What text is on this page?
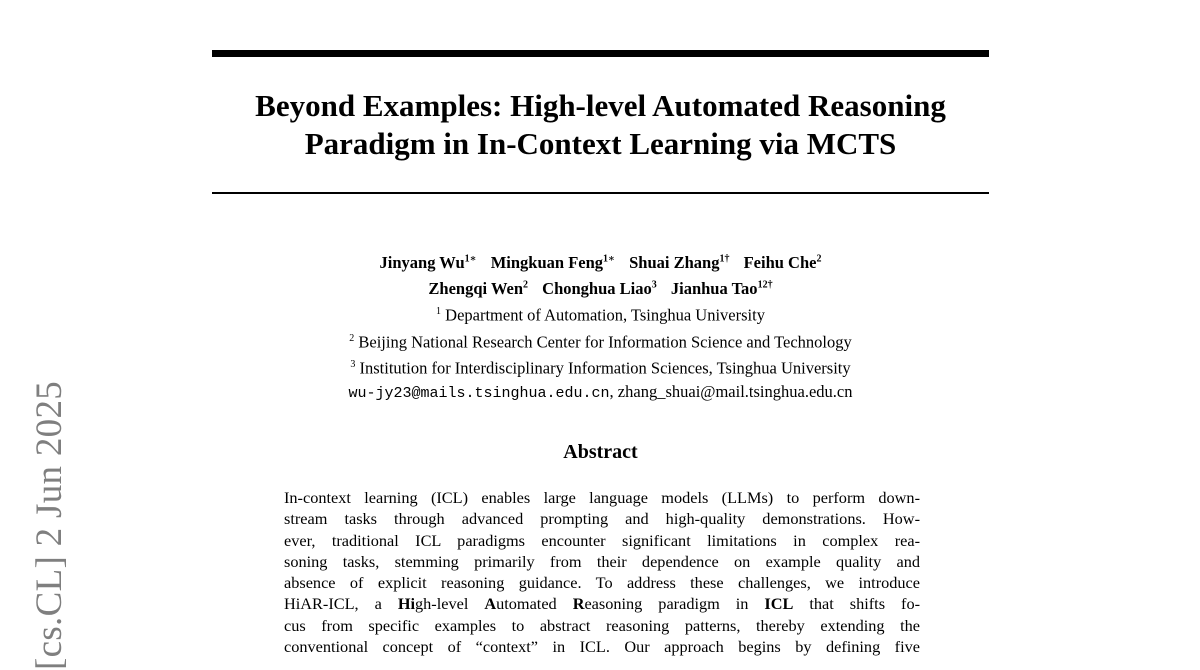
Beyond Examples: High-level Automated Reasoning
Paradigm in In-Context Learning via MCTS
Jinyang $Wu^{1∗}$ Mingkuan Feng$^{1∗}$ Shuai Zhang$^{1\dagger}$ Feihu Che$^2$
Zhengqi Wen$^2$ Chonghua Liao$^3$ Jianhua Tao$^{12\dagger}$
$^1$ Department of Automation, Tsinghua University
$^2$ Beijing National Research Center for Information Science and Technology
$^3$ Institution for Interdisciplinary Information Sciences, Tsinghua University
wu-jy23@mails.tsinghua.edu.cn, zhang_shuai@mail.tsinghua.edu.cn
Abstract
In-context learning (ICL) enables large language models (LLMs) to perform down-
stream tasks through advanced prompting and high-quality demonstrations. How-
ever, traditional ICL paradigms encounter significant limitations in complex rea-
soning tasks, stemming primarily from their dependence on example quality and
absence of explicit reasoning guidance. To address these challenges, we introduce
HiAR-ICL, a High-level Automated Reasoning paradigm in ICL that shifts fo-
cus from specific examples to abstract reasoning patterns, thereby extending the
conventional concept of “context” in ICL. Our approach begins by defining five
[cs.CL] 2 Jun 2025
